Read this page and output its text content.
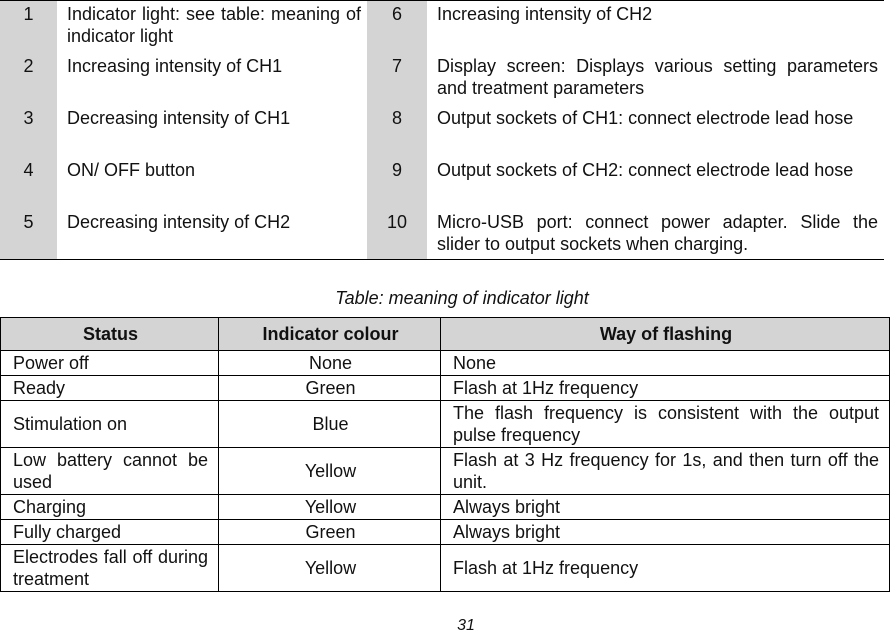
1	Indicator light: see table: meaning of indicator light	6	Increasing intensity of CH2
2	Increasing intensity of CH1	7	Display screen: Displays various setting parameters and treatment parameters
3	Decreasing intensity of CH1	8	Output sockets of CH1: connect electrode lead hose
4	ON/ OFF button	9	Output sockets of CH2: connect electrode lead hose
5	Decreasing intensity of CH2	10	Micro-USB port: connect power adapter. Slide the slider to output sockets when charging.
Table: meaning of indicator light
Status	Indicator colour	Way of flashing
Power off	None	None
Ready	Green	Flash at 1Hz frequency
Stimulation on	Blue	The flash frequency is consistent with the output pulse frequency
Low battery cannot be used	Yellow	Flash at 3 Hz frequency for 1s, and then turn off the unit.
Charging	Yellow	Always bright
Fully charged	Green	Always bright
Electrodes fall off during treatment	Yellow	Flash at 1Hz frequency
31
